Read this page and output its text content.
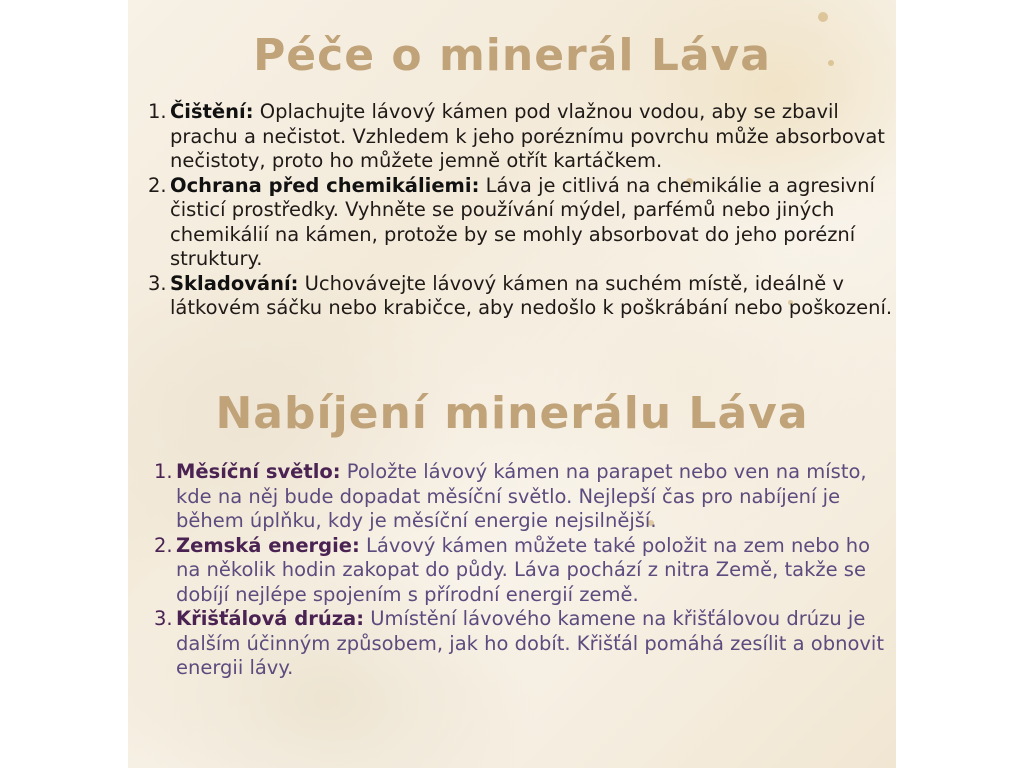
Péče o minerál Láva
1. Čištění: Oplachujte lávový kámen pod vlažnou vodou, aby se zbavil prachu a nečistot. Vzhledem k jeho poréznímu povrchu může absorbovat nečistoty, proto ho můžete jemně otřít kartáčkem.
2. Ochrana před chemikáliemi: Láva je citlivá na chemikálie a agresivní čisticí prostředky. Vyhněte se používání mýdel, parfémů nebo jiných chemikálií na kámen, protože by se mohly absorbovat do jeho porézní struktury.
3. Skladování: Uchovávejte lávový kámen na suchém místě, ideálně v látkovém sáčku nebo krabičce, aby nedošlo k poškrábání nebo poškození.
Nabíjení minerálu Láva
1. Měsíční světlo: Položte lávový kámen na parapet nebo ven na místo, kde na něj bude dopadat měsíční světlo. Nejlepší čas pro nabíjení je během úplňku, kdy je měsíční energie nejsilnější.
2. Zemská energie: Lávový kámen můžete také položit na zem nebo ho na několik hodin zakopat do půdy. Láva pochází z nitra Země, takže se dobíjí nejlépe spojením s přírodní energií země.
3. Křišťálová drúza: Umístění lávového kamene na křišťálovou drúzu je dalším účinným způsobem, jak ho dobít. Křišťál pomáhá zesílit a obnovit energii lávy.
